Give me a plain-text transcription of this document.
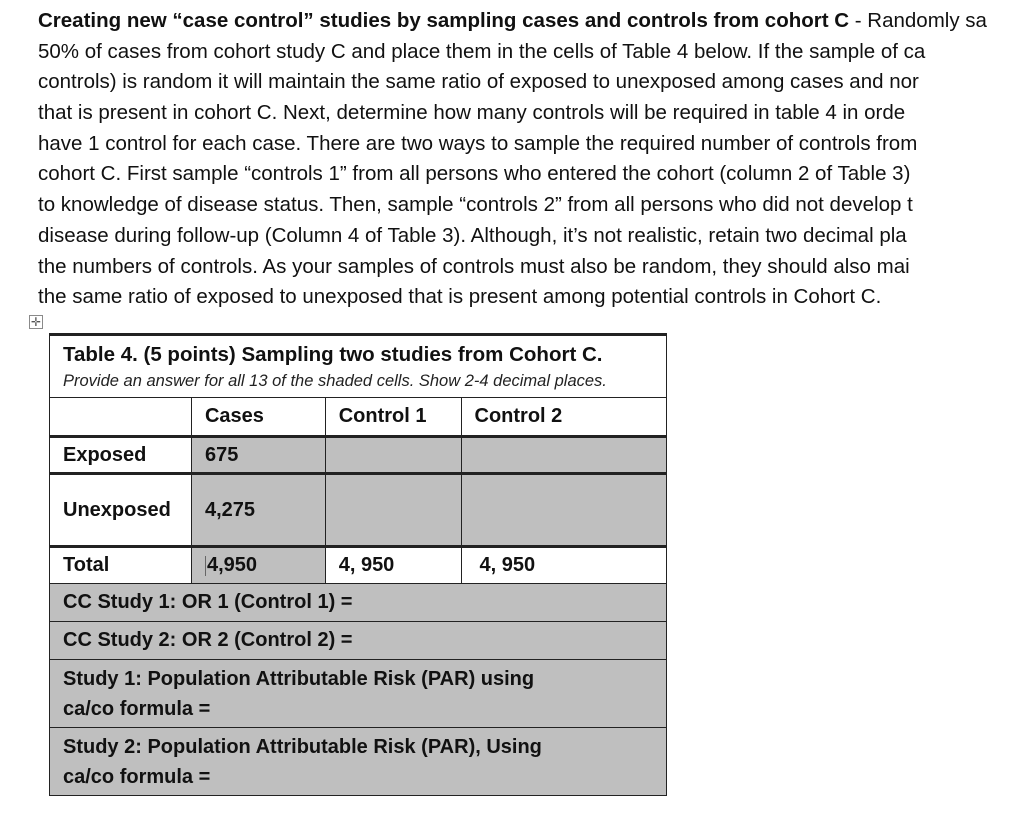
Creating new “case control” studies by sampling cases and controls from cohort C - Randomly sa
50% of cases from cohort study C and place them in the cells of Table 4 below. If the sample of ca
controls) is random it will maintain the same ratio of exposed to unexposed among cases and nor
that is present in cohort C. Next, determine how many controls will be required in table 4 in orde
have 1 control for each case. There are two ways to sample the required number of controls from
cohort C. First sample “controls 1” from all persons who entered the cohort (column 2 of Table 3)
to knowledge of disease status. Then, sample “controls 2” from all persons who did not develop t
disease during follow-up (Column 4 of Table 3). Although, it’s not realistic, retain two decimal pla
the numbers of controls. As your samples of controls must also be random, they should also mai
the same ratio of exposed to unexposed that is present among potential controls in Cohort C.
✛
Table 4. (5 points) Sampling two studies from Cohort C.
Provide an answer for all 13 of the shaded cells. Show 2-4 decimal places.			

	Cases	Control 1	Control 2
Exposed	675		
Unexposed	4,275		
Total	4,950	4, 950	4, 950
CC Study 1: OR 1 (Control 1) =			
CC Study 2: OR 2 (Control 2) =			
Study 1: Population Attributable Risk (PAR) using ca/co formula =			
Study 2: Population Attributable Risk (PAR), Using ca/co formula =			
